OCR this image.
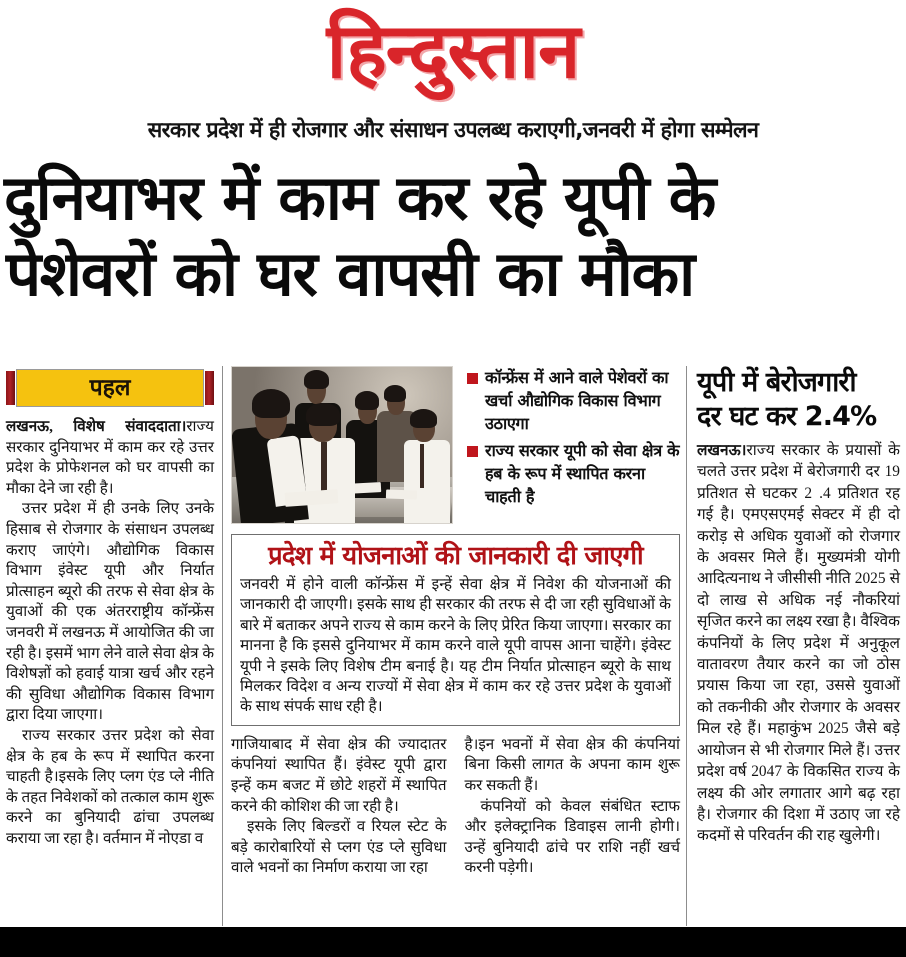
हिन्दुस्तान
सरकार प्रदेश में ही रोजगार और संसाधन उपलब्ध कराएगी,जनवरी में होगा सम्मेलन
दुनियाभर में काम कर रहे यूपी के पेशेवरों को घर वापसी का मौका
पहल

लखनऊ, विशेष संवाददाता।राज्य सरकार दुनियाभर में काम कर रहे उत्तर प्रदेश के प्रोफेशनल को घर वापसी का मौका देने जा रही है।

उत्तर प्रदेश में ही उनके लिए उनके हिसाब से रोजगार के संसाधन उपलब्ध कराए जाएंगे। औद्योगिक विकास विभाग इंवेस्ट यूपी और निर्यात प्रोत्साहन ब्यूरो की तरफ से सेवा क्षेत्र के युवाओं की एक अंतरराष्ट्रीय कॉन्फ्रेंस जनवरी में लखनऊ में आयोजित की जा रही है। इसमें भाग लेने वाले सेवा क्षेत्र के विशेषज्ञों को हवाई यात्रा खर्च और रहने की सुविधा औद्योगिक विकास विभाग द्वारा दिया जाएगा।

राज्य सरकार उत्तर प्रदेश को सेवा क्षेत्र के हब के रूप में स्थापित करना चाहती है।इसके लिए प्लग एंड प्ले नीति के तहत निवेशकों को तत्काल काम शुरू करने का बुनियादी ढांचा उपलब्ध कराया जा रहा है। वर्तमान में नोएडा व

कॉन्फ्रेंस में आने वाले पेशेवरों का खर्चा औद्योगिक विकास विभाग उठाएगा
राज्य सरकार यूपी को सेवा क्षेत्र के हब के रूप में स्थापित करना चाहती है
प्रदेश में योजनाओं की जानकारी दी जाएगी

जनवरी में होने वाली कॉन्फ्रेंस में इन्हें सेवा क्षेत्र में निवेश की योजनाओं की जानकारी दी जाएगी। इसके साथ ही सरकार की तरफ से दी जा रही सुविधाओं के बारे में बताकर अपने राज्य से काम करने के लिए प्रेरित किया जाएगा। सरकार का मानना है कि इससे दुनियाभर में काम करने वाले यूपी वापस आना चाहेंगे। इंवेस्ट यूपी ने इसके लिए विशेष टीम बनाई है। यह टीम निर्यात प्रोत्साहन ब्यूरो के साथ मिलकर विदेश व अन्य राज्यों में सेवा क्षेत्र में काम कर रहे उत्तर प्रदेश के युवाओं के साथ संपर्क साध रही है।

गाजियाबाद में सेवा क्षेत्र की ज्यादातर कंपनियां स्थापित हैं। इंवेस्ट यूपी द्वारा इन्हें कम बजट में छोटे शहरों में स्थापित करने की कोशिश की जा रही है।

इसके लिए बिल्डरों व रियल स्टेट के बड़े कारोबारियों से प्लग एंड प्ले सुविधा वाले भवनों का निर्माण कराया जा रहा

है।इन भवनों में सेवा क्षेत्र की कंपनियां बिना किसी लागत के अपना काम शुरू कर सकती हैं।

कंपनियों को केवल संबंधित स्टाफ और इलेक्ट्रानिक डिवाइस लानी होगी। उन्हें बुनियादी ढांचे पर राशि नहीं खर्च करनी पड़ेगी।

यूपी में बेरोजगारी
दर घट कर 2.4%

लखनऊ।राज्य सरकार के प्रयासों के चलते उत्तर प्रदेश में बेरोजगारी दर 19 प्रतिशत से घटकर 2 .4 प्रतिशत रह गई है। एमएसएमई सेक्टर में ही दो करोड़ से अधिक युवाओं को रोजगार के अवसर मिले हैं। मुख्यमंत्री योगी आदित्यनाथ ने जीसीसी नीति 2025 से दो लाख से अधिक नई नौकरियां सृजित करने का लक्ष्य रखा है। वैश्विक कंपनियों के लिए प्रदेश में अनुकूल वातावरण तैयार करने का जो ठोस प्रयास किया जा रहा, उससे युवाओं को तकनीकी और रोजगार के अवसर मिल रहे हैं। महाकुंभ 2025 जैसे बड़े आयोजन से भी रोजगार मिले हैं। उत्तर प्रदेश वर्ष 2047 के विकसित राज्य के लक्ष्य की ओर लगातार आगे बढ़ रहा है। रोजगार की दिशा में उठाए जा रहे कदमों से परिवर्तन की राह खुलेगी।
